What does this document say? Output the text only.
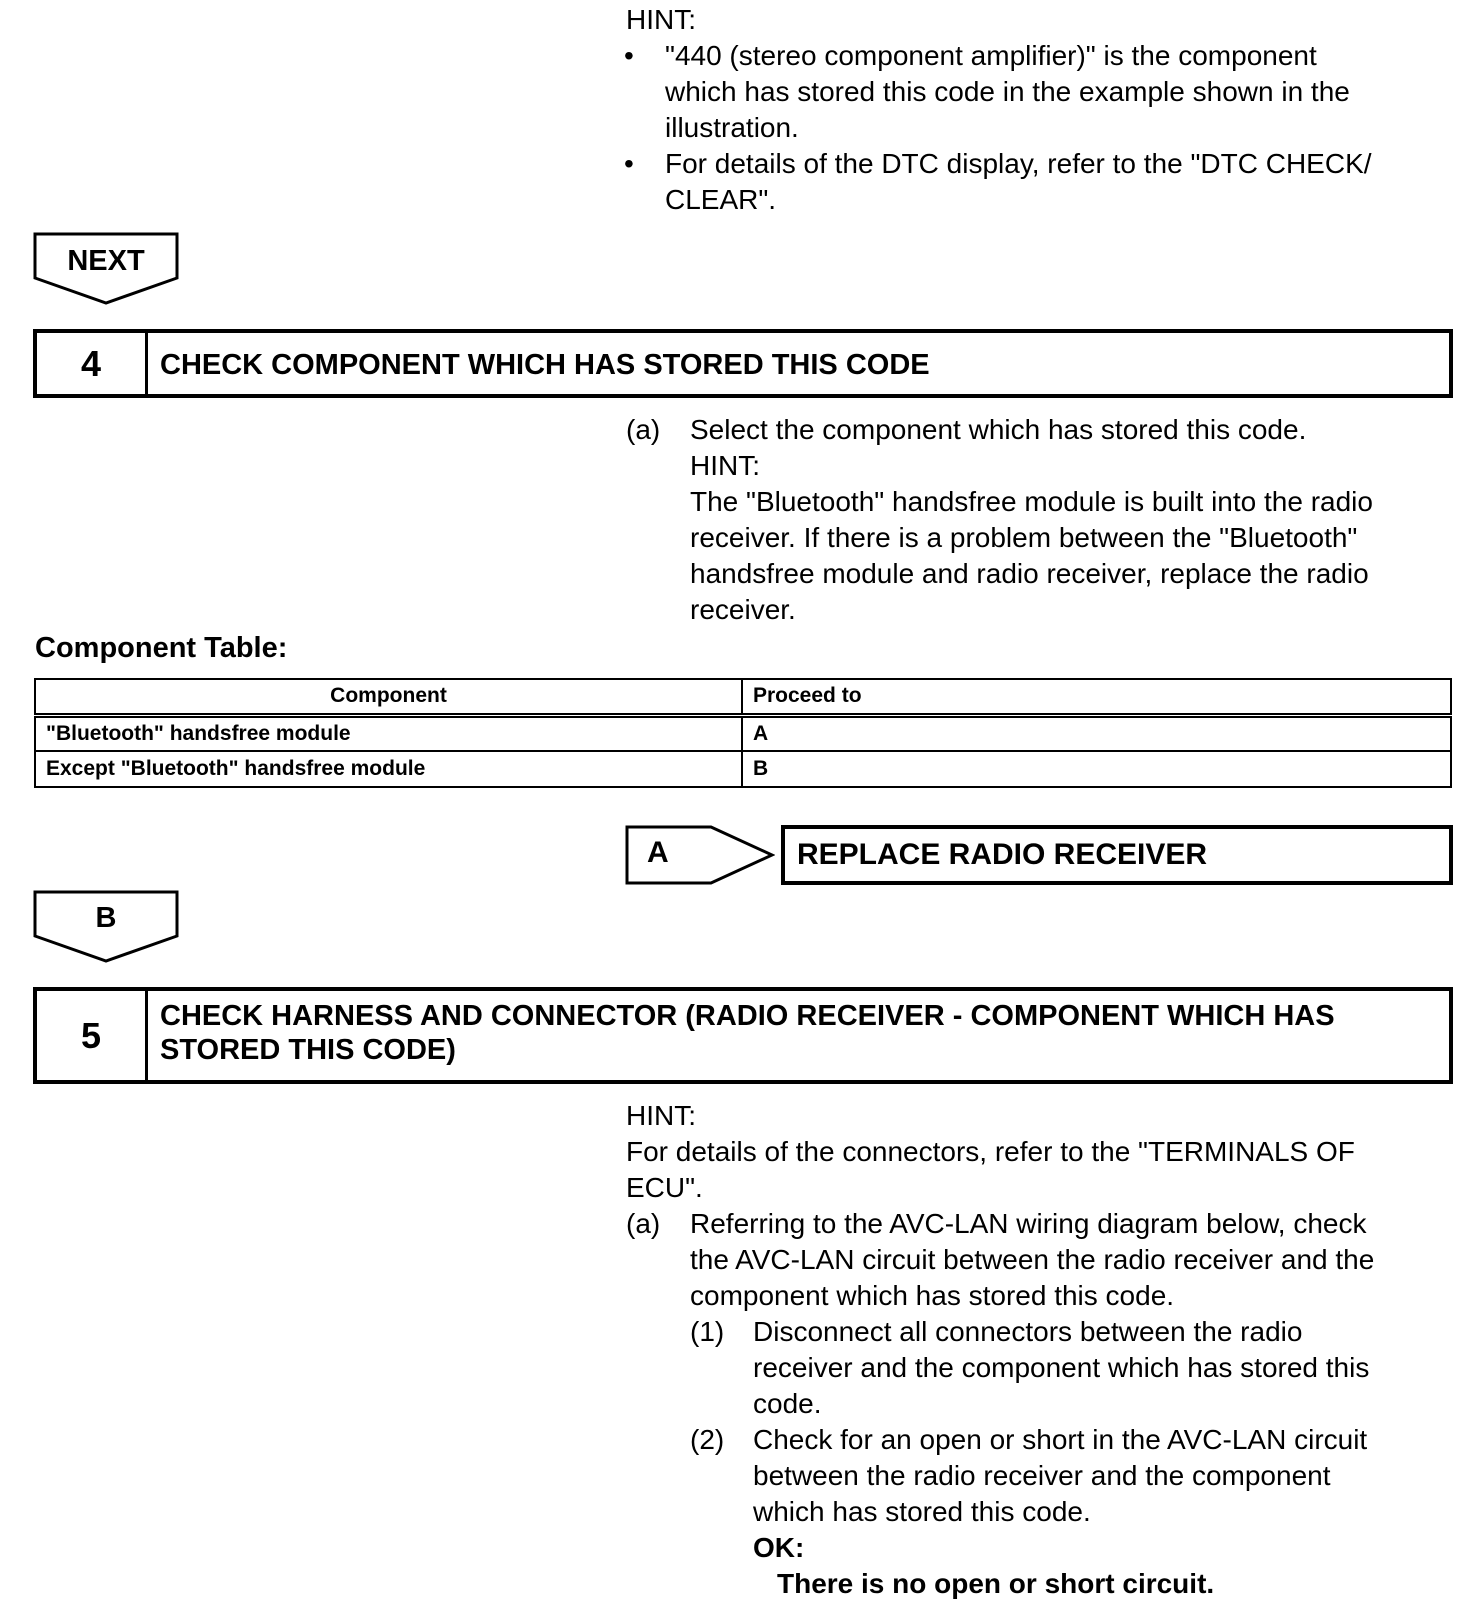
HINT:
• "440 (stereo component amplifier)" is the component
which has stored this code in the example shown in the
illustration.
• For details of the DTC display, refer to the "DTC CHECK/
CLEAR".
NEXT
4	CHECK COMPONENT WHICH HAS STORED THIS CODE
(a) Select the component which has stored this code.
HINT:
The "Bluetooth" handsfree module is built into the radio
receiver. If there is a problem between the "Bluetooth"
handsfree module and radio receiver, replace the radio
receiver.
Component Table:
Component	Proceed to
"Bluetooth" handsfree module	A
Except "Bluetooth" handsfree module	B
A	REPLACE RADIO RECEIVER
B
5	CHECK HARNESS AND CONNECTOR (RADIO RECEIVER - COMPONENT WHICH HAS
STORED THIS CODE)
HINT:
For details of the connectors, refer to the "TERMINALS OF
ECU".
(a) Referring to the AVC-LAN wiring diagram below, check
the AVC-LAN circuit between the radio receiver and the
component which has stored this code.
(1) Disconnect all connectors between the radio
receiver and the component which has stored this
code.
(2) Check for an open or short in the AVC-LAN circuit
between the radio receiver and the component
which has stored this code.
OK:
There is no open or short circuit.
